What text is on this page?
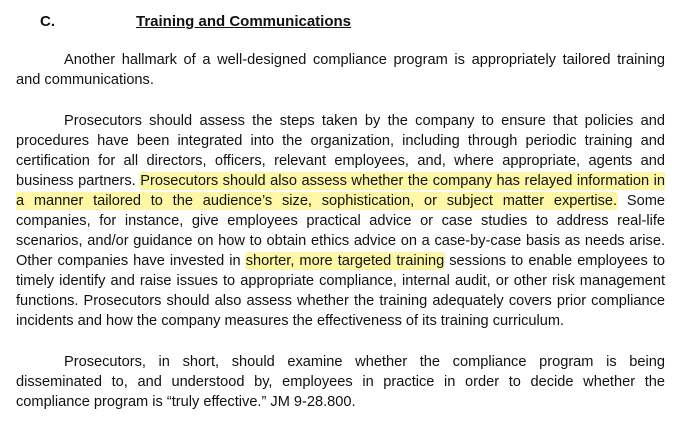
C.	Training and Communications

Another hallmark of a well-designed compliance program is appropriately tailored training and communications.

Prosecutors should assess the steps taken by the company to ensure that policies and procedures have been integrated into the organization, including through periodic training and certification for all directors, officers, relevant employees, and, where appropriate, agents and business partners. Prosecutors should also assess whether the company has relayed information in a manner tailored to the audience’s size, sophistication, or subject matter expertise. Some companies, for instance, give employees practical advice or case studies to address real-life scenarios, and/or guidance on how to obtain ethics advice on a case-by-case basis as needs arise. Other companies have invested in shorter, more targeted training sessions to enable employees to timely identify and raise issues to appropriate compliance, internal audit, or other risk management functions. Prosecutors should also assess whether the training adequately covers prior compliance incidents and how the company measures the effectiveness of its training curriculum.

Prosecutors, in short, should examine whether the compliance program is being disseminated to, and understood by, employees in practice in order to decide whether the compliance program is “truly effective.” JM 9-28.800.
